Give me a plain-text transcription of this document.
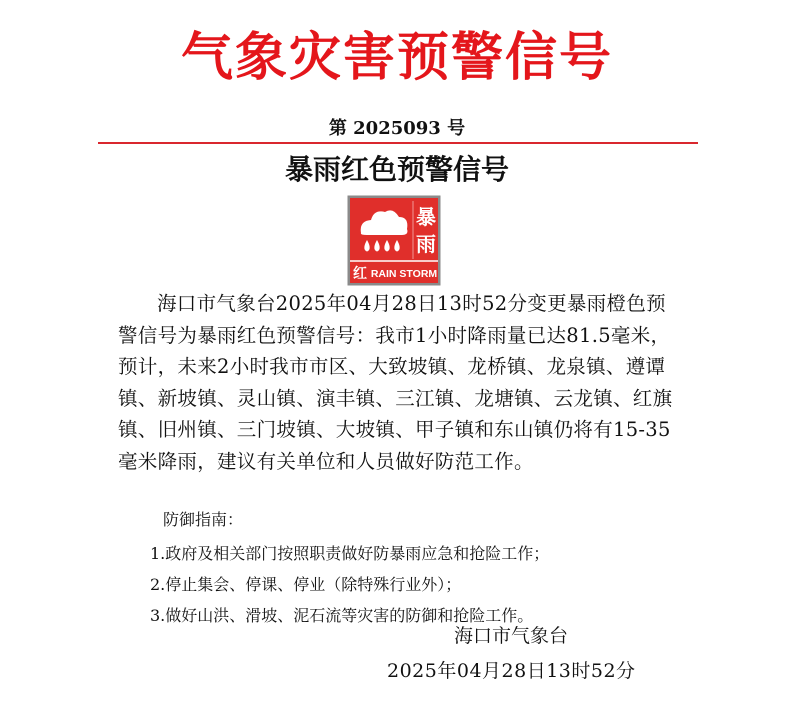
气象灾害预警信号
第 2025093 号
暴雨红色预警信号
暴
雨
红 RAIN STORM

海口市气象台2025年04月28日13时52分变更暴雨橙色预警信号为暴雨红色预警信号：我市1小时降雨量已达81.5毫米，预计，未来2小时我市市区、大致坡镇、龙桥镇、龙泉镇、遵谭镇、新坡镇、灵山镇、演丰镇、三江镇、龙塘镇、云龙镇、红旗镇、旧州镇、三门坡镇、大坡镇、甲子镇和东山镇仍将有15-35毫米降雨，建议有关单位和人员做好防范工作。

防御指南：

1.政府及相关部门按照职责做好防暴雨应急和抢险工作；
2.停止集会、停课、停业（除特殊行业外）；
3.做好山洪、滑坡、泥石流等灾害的防御和抢险工作。
海口市气象台
2025年04月28日13时52分
